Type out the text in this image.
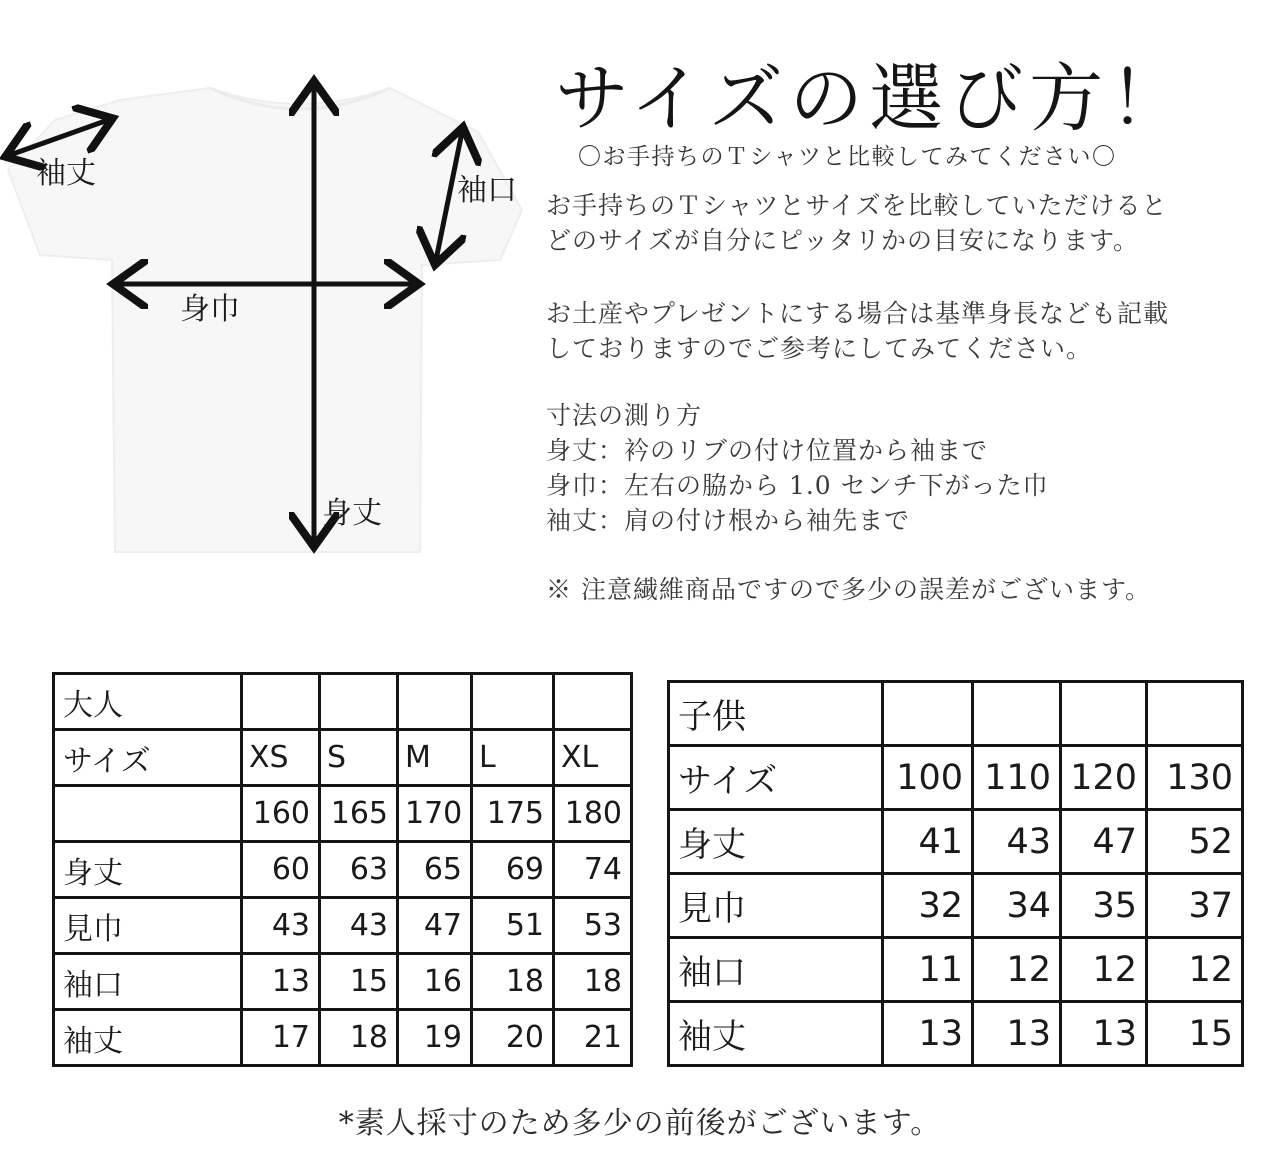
袖丈	袖口
身巾
身丈
サイズの選び方！
〇お手持ちのＴシャツと比較してみてください〇
お手持ちのＴシャツとサイズを比較していただけると
どのサイズが自分にピッタリかの目安になります。
お土産やプレゼントにする場合は基準身長なども記載
しておりますのでご参考にしてみてください。
寸法の測り方
身丈：衿のリブの付け位置から袖まで
身巾：左右の脇から 1.0 センチ下がった巾
袖丈：肩の付け根から袖先まで
※ 注意繊維商品ですので多少の誤差がございます。
大人					
サイズ	XS	S	M	L	XL
	160	165	170	175	180
身丈	60	63	65	69	74
見巾	43	43	47	51	53
袖口	13	15	16	18	18
袖丈	17	18	19	20	21
子供				
サイズ	100	110	120	130
身丈	41	43	47	52
見巾	32	34	35	37
袖口	11	12	12	12
袖丈	13	13	13	15
*素人採寸のため多少の前後がございます。
